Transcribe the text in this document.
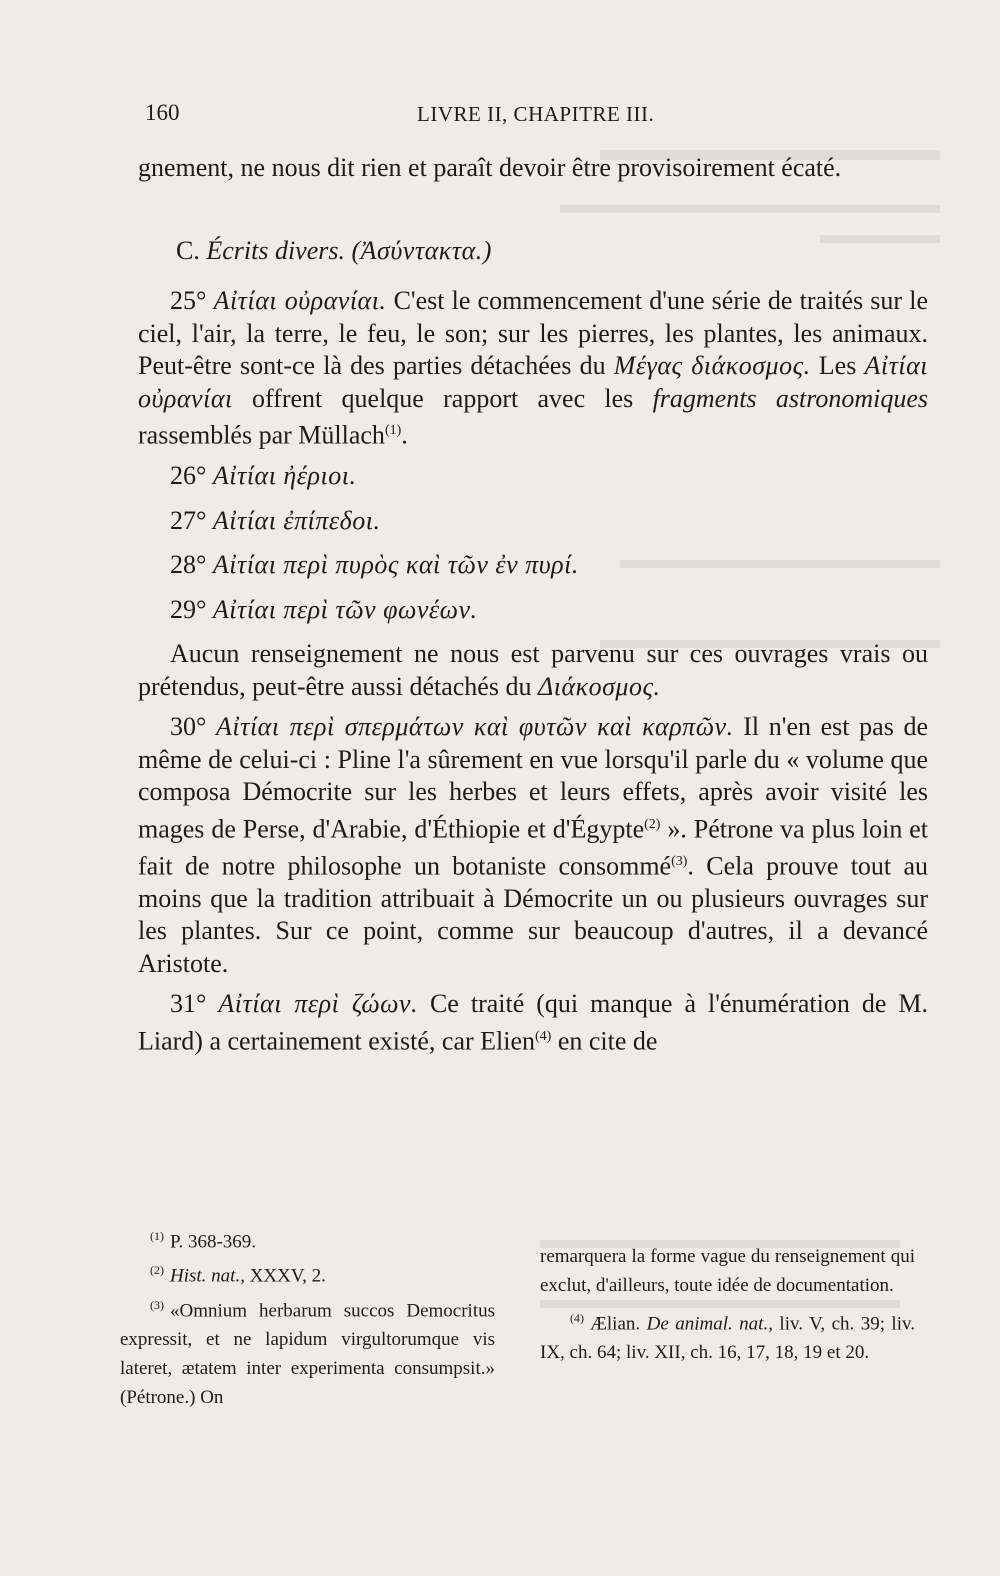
160	LIVRE II, CHAPITRE III.

gnement, ne nous dit rien et paraît devoir être provisoirement écaté.

C. Écrits divers. (Ἀσύντακτα.)

25° Αἰτίαι οὐρανίαι. C'est le commencement d'une série de traités sur le ciel, l'air, la terre, le feu, le son; sur les pierres, les plantes, les animaux. Peut-être sont-ce là des parties détachées du Μέγας διάκοσμος. Les Αἰτίαι οὐρανίαι offrent quelque rapport avec les fragments astronomiques rassemblés par Müllach$^{(1)}$.

26° Αἰτίαι ἠέριοι.

27° Αἰτίαι ἐπίπεδοι.

28° Αἰτίαι περὶ πυρὸς καὶ τῶν ἐν πυρί.

29° Αἰτίαι περὶ τῶν φωνέων.

Aucun renseignement ne nous est parvenu sur ces ouvrages vrais ou prétendus, peut-être aussi détachés du Διάκοσμος.

30° Αἰτίαι περὶ σπερμάτων καὶ φυτῶν καὶ καρπῶν. Il n'en est pas de même de celui-ci : Pline l'a sûrement en vue lorsqu'il parle du « volume que composa Démocrite sur les herbes et leurs effets, après avoir visité les mages de Perse, d'Arabie, d'Éthiopie et d'Égypte$^{(2)}$ ». Pétrone va plus loin et fait de notre philosophe un botaniste consommé$^{(3)}$. Cela prouve tout au moins que la tradition attribuait à Démocrite un ou plusieurs ouvrages sur les plantes. Sur ce point, comme sur beaucoup d'autres, il a devancé Aristote.

31° Αἰτίαι περὶ ζώων. Ce traité (qui manque à l'énumération de M. Liard) a certainement existé, car Elien$^{(4)}$ en cite de

$^{(1)}$ P. 368-369.

$^{(2)}$ Hist. nat., XXXV, 2.

$^{(3)}$ «Omnium herbarum succos Democritus expressit, et ne lapidum virgultorumque vis lateret, ætatem inter experimenta consumpsit.» (Pétrone.) On

remarquera la forme vague du renseignement qui exclut, d'ailleurs, toute idée de documentation.

$^{(4)}$ Ælian. De animal. nat., liv. V, ch. 39; liv. IX, ch. 64; liv. XII, ch. 16, 17, 18, 19 et 20.
